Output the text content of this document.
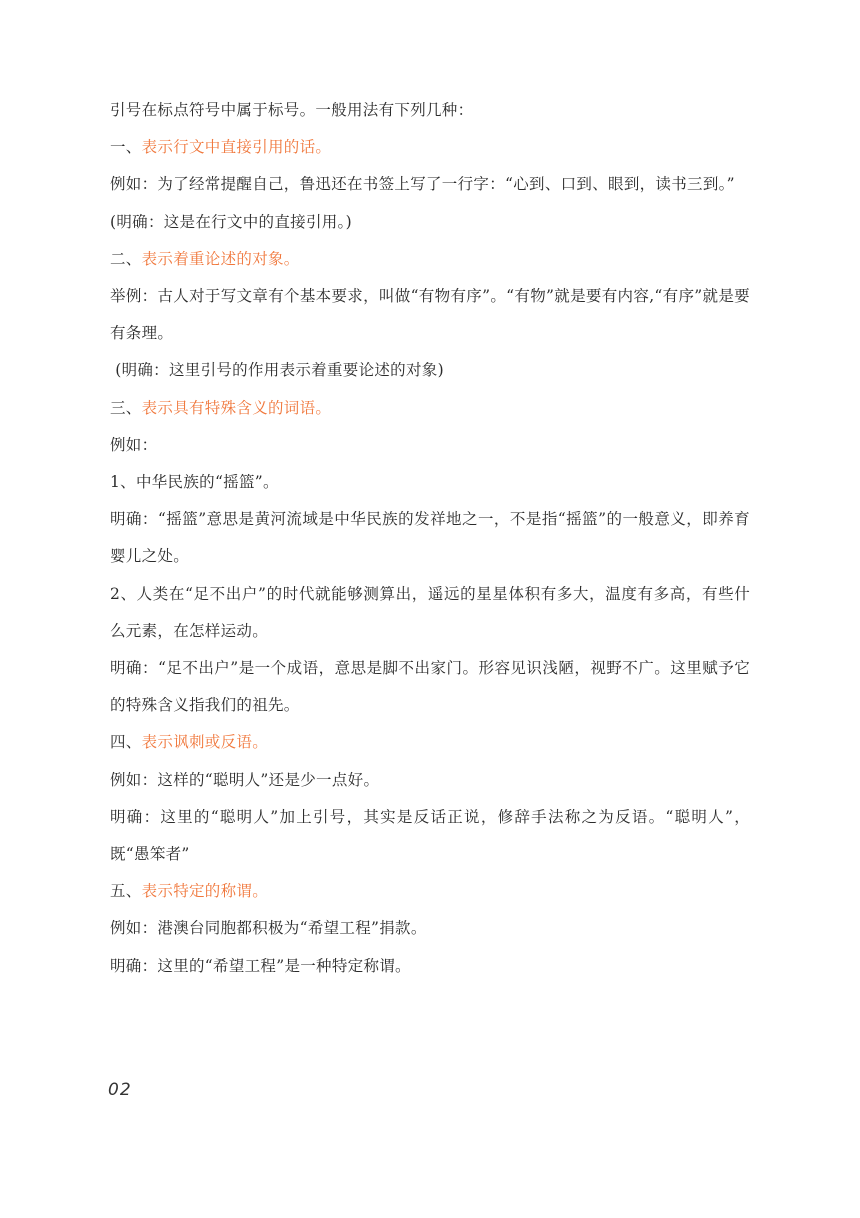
引号在标点符号中属于标号。一般用法有下列几种：

一、表示行文中直接引用的话。

例如：为了经常提醒自己，鲁迅还在书签上写了一行字：“心到、口到、眼到，读书三到。”

(明确：这是在行文中的直接引用。)

二、表示着重论述的对象。

举例：古人对于写文章有个基本要求，叫做“有物有序”。“有物”就是要有内容,“有序”就是要有条理。

(明确：这里引号的作用表示着重要论述的对象)

三、表示具有特殊含义的词语。

例如：

1、中华民族的“摇篮”。

明确：“摇篮”意思是黄河流域是中华民族的发祥地之一，不是指“摇篮”的一般意义，即养育婴儿之处。

2、人类在“足不出户”的时代就能够测算出，遥远的星星体积有多大，温度有多高，有些什么元素，在怎样运动。

明确：“足不出户”是一个成语，意思是脚不出家门。形容见识浅陋，视野不广。这里赋予它的特殊含义指我们的祖先。

四、表示讽刺或反语。

例如：这样的“聪明人”还是少一点好。

明确：这里的“聪明人”加上引号，其实是反话正说，修辞手法称之为反语。“聪明人”，既“愚笨者”

五、表示特定的称谓。

例如：港澳台同胞都积极为“希望工程”捐款。

明确：这里的“希望工程”是一种特定称谓。

02
